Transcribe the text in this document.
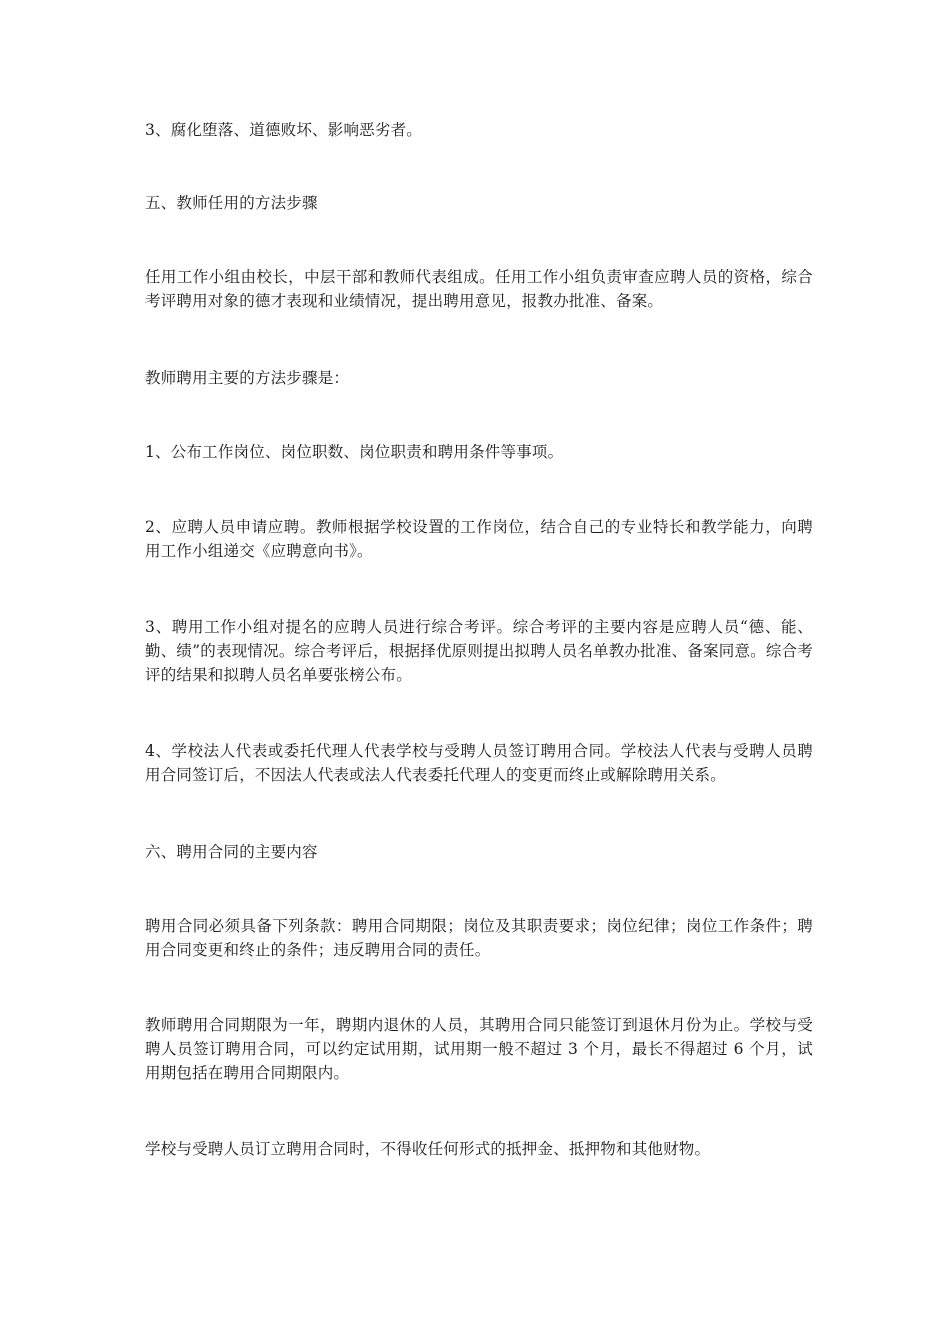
3、腐化堕落、道德败坏、影响恶劣者。

五、教师任用的方法步骤

任用工作小组由校长，中层干部和教师代表组成。任用工作小组负责审查应聘人员的资格，综合考评聘用对象的德才表现和业绩情况，提出聘用意见，报教办批准、备案。

教师聘用主要的方法步骤是：

1、公布工作岗位、岗位职数、岗位职责和聘用条件等事项。

2、应聘人员申请应聘。教师根据学校设置的工作岗位，结合自己的专业特长和教学能力，向聘用工作小组递交《应聘意向书》。

3、聘用工作小组对提名的应聘人员进行综合考评。综合考评的主要内容是应聘人员“德、能、勤、绩”的表现情况。综合考评后，根据择优原则提出拟聘人员名单教办批准、备案同意。综合考评的结果和拟聘人员名单要张榜公布。

4、学校法人代表或委托代理人代表学校与受聘人员签订聘用合同。学校法人代表与受聘人员聘用合同签订后，不因法人代表或法人代表委托代理人的变更而终止或解除聘用关系。

六、聘用合同的主要内容

聘用合同必须具备下列条款：聘用合同期限；岗位及其职责要求；岗位纪律；岗位工作条件；聘用合同变更和终止的条件；违反聘用合同的责任。

教师聘用合同期限为一年，聘期内退休的人员，其聘用合同只能签订到退休月份为止。学校与受聘人员签订聘用合同，可以约定试用期，试用期一般不超过 3 个月，最长不得超过 6 个月，试用期包括在聘用合同期限内。

学校与受聘人员订立聘用合同时，不得收任何形式的抵押金、抵押物和其他财物。
